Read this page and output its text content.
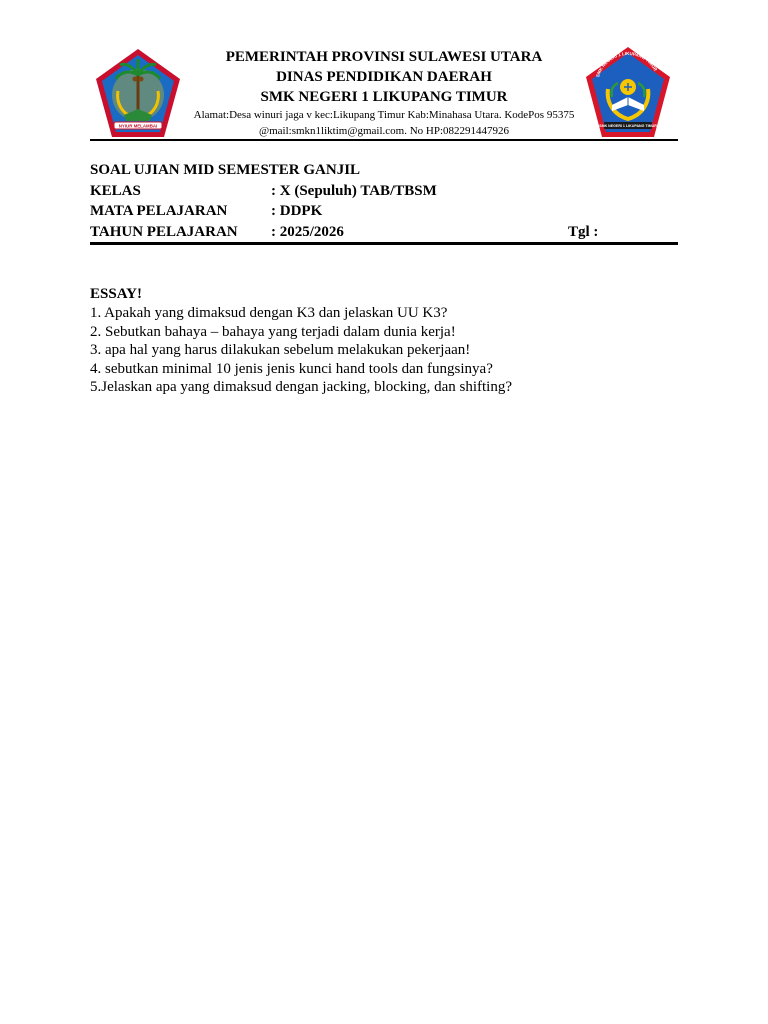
NYIUR MELAMBAI
PEMERINTAH PROVINSI SULAWESI UTARA
DINAS PENDIDIKAN DAERAH
SMK NEGERI 1 LIKUPANG TIMUR
Alamat:Desa winuri jaga v kec:Likupang Timur Kab:Minahasa Utara. KodePos 95375
@mail:smkn1liktim@gmail.com. No HP:082291447926
SMK NEGERI 1 LIKUPANG TIMUR
SMK NEGERI 1 LIKUPANG TIMUR
SOAL UJIAN MID SEMESTER GANJIL
KELAS	: X (Sepuluh) TAB/TBSM
MATA PELAJARAN	: DDPK
TAHUN PELAJARAN : 2025/2026	Tgl :
ESSAY!
1. Apakah yang dimaksud dengan K3 dan jelaskan UU K3?
2. Sebutkan bahaya – bahaya yang terjadi dalam dunia kerja!
3. apa hal yang harus dilakukan sebelum melakukan pekerjaan!
4. sebutkan minimal 10 jenis jenis kunci hand tools dan fungsinya?
5.Jelaskan apa yang dimaksud dengan jacking, blocking, dan shifting?
